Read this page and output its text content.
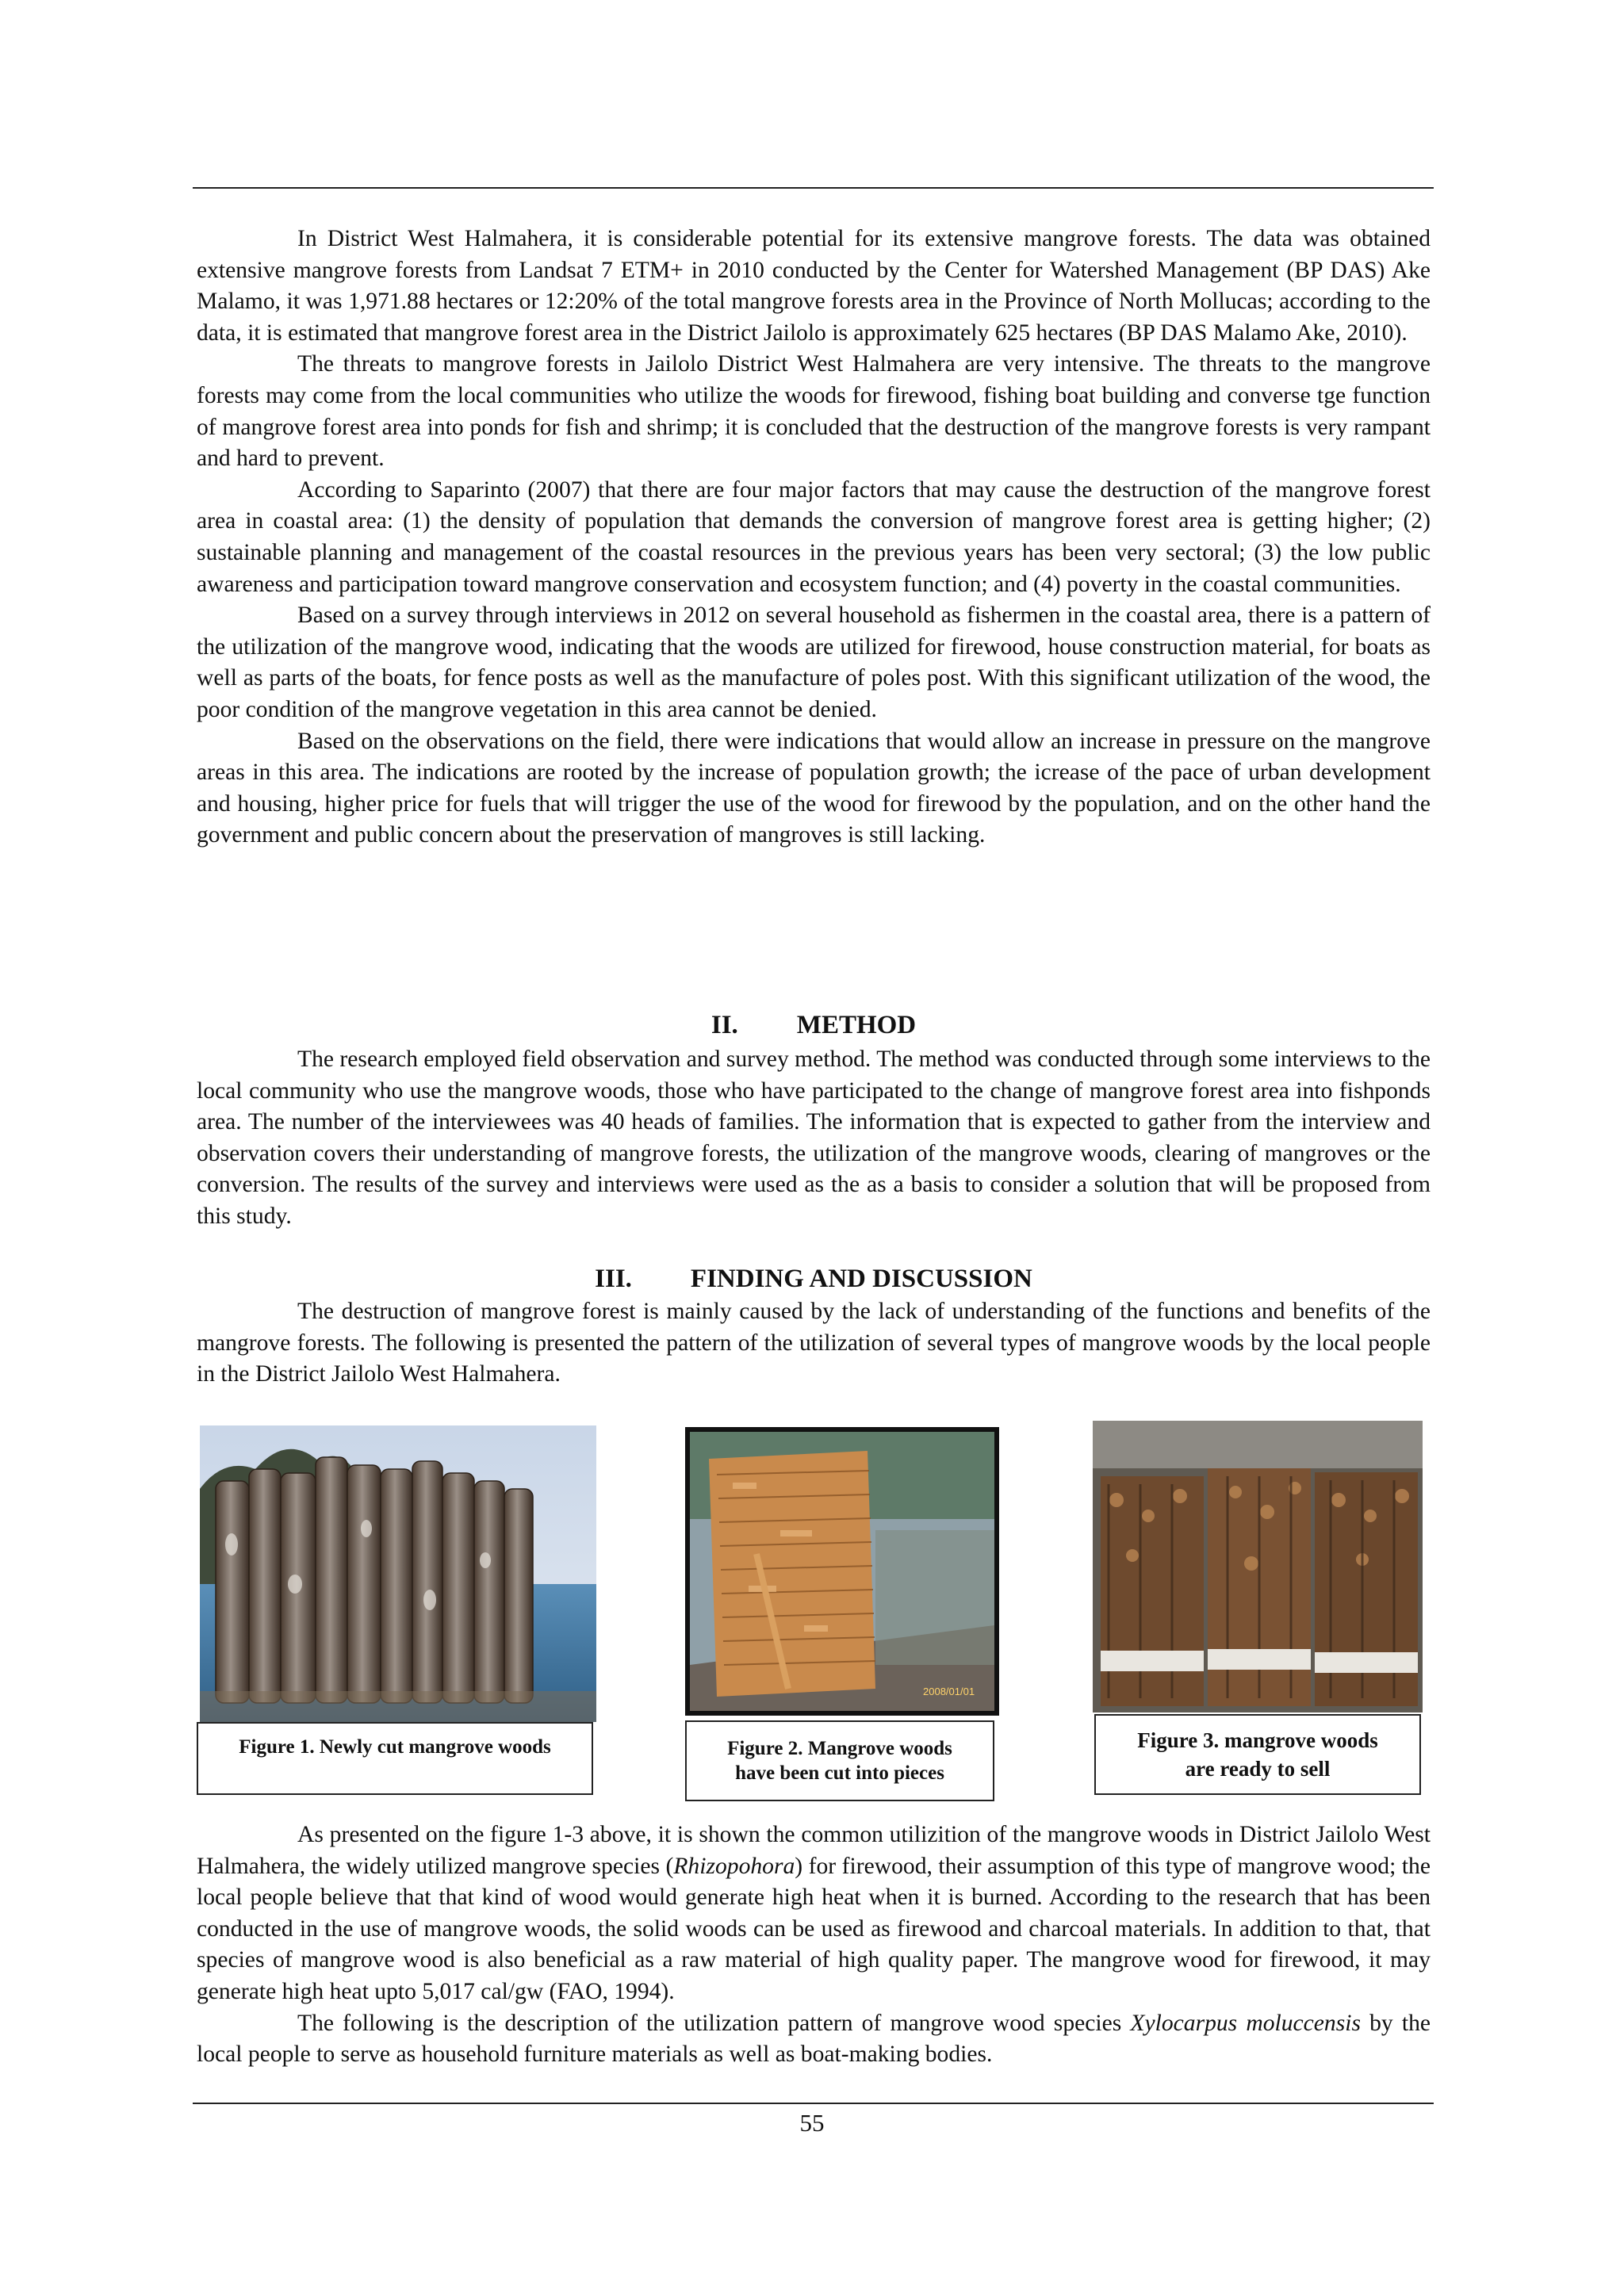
In District West Halmahera, it is considerable potential for its extensive mangrove forests. The data was obtained extensive mangrove forests from Landsat 7 ETM+ in 2010 conducted by the Center for Watershed Management (BP DAS) Ake Malamo, it was 1,971.88 hectares or 12:20% of the total mangrove forests area in the Province of North Mollucas; according to the data, it is estimated that mangrove forest area in the District Jailolo is approximately 625 hectares (BP DAS Malamo Ake, 2010).

The threats to mangrove forests in Jailolo District West Halmahera are very intensive. The threats to the mangrove forests may come from the local communities who utilize the woods for firewood, fishing boat building and converse tge function of mangrove forest area into ponds for fish and shrimp; it is concluded that the destruction of the mangrove forests is very rampant and hard to prevent.

According to Saparinto (2007) that there are four major factors that may cause the destruction of the mangrove forest area in coastal area: (1) the density of population that demands the conversion of mangrove forest area is getting higher; (2) sustainable planning and management of the coastal resources in the previous years has been very sectoral; (3) the low public awareness and participation toward mangrove conservation and ecosystem function; and (4) poverty in the coastal communities.

Based on a survey through interviews in 2012 on several household as fishermen in the coastal area, there is a pattern of the utilization of the mangrove wood, indicating that the woods are utilized for firewood, house construction material, for boats as well as parts of the boats, for fence posts as well as the manufacture of poles post. With this significant utilization of the wood, the poor condition of the mangrove vegetation in this area cannot be denied.

Based on the observations on the field, there were indications that would allow an increase in pressure on the mangrove areas in this area. The indications are rooted by the increase of population growth; the icrease of the pace of urban development and housing, higher price for fuels that will trigger the use of the wood for firewood by the population, and on the other hand the government and public concern about the preservation of mangroves is still lacking.

II. METHOD

The research employed field observation and survey method. The method was conducted through some interviews to the local community who use the mangrove woods, those who have participated to the change of mangrove forest area into fishponds area. The number of the interviewees was 40 heads of families. The information that is expected to gather from the interview and observation covers their understanding of mangrove forests, the utilization of the mangrove woods, clearing of mangroves or the conversion. The results of the survey and interviews were used as the as a basis to consider a solution that will be proposed from this study.

III. FINDING AND DISCUSSION

The destruction of mangrove forest is mainly caused by the lack of understanding of the functions and benefits of the mangrove forests. The following is presented the pattern of the utilization of several types of mangrove woods by the local people in the District Jailolo West Halmahera.

Figure 1. Newly cut mangrove woods
2008/01/01
Figure 2. Mangrove woods
have been cut into pieces
Figure 3. mangrove woods
are ready to sell

As presented on the figure 1-3 above, it is shown the common utilizition of the mangrove woods in District Jailolo West Halmahera, the widely utilized mangrove species (Rhizopohora) for firewood, their assumption of this type of mangrove wood; the local people believe that that kind of wood would generate high heat when it is burned. According to the research that has been conducted in the use of mangrove woods, the solid woods can be used as firewood and charcoal materials. In addition to that, that species of mangrove wood is also beneficial as a raw material of high quality paper. The mangrove wood for firewood, it may generate high heat upto 5,017 cal/gw (FAO, 1994).

The following is the description of the utilization pattern of mangrove wood species Xylocarpus moluccensis by the local people to serve as household furniture materials as well as boat-making bodies.

55
